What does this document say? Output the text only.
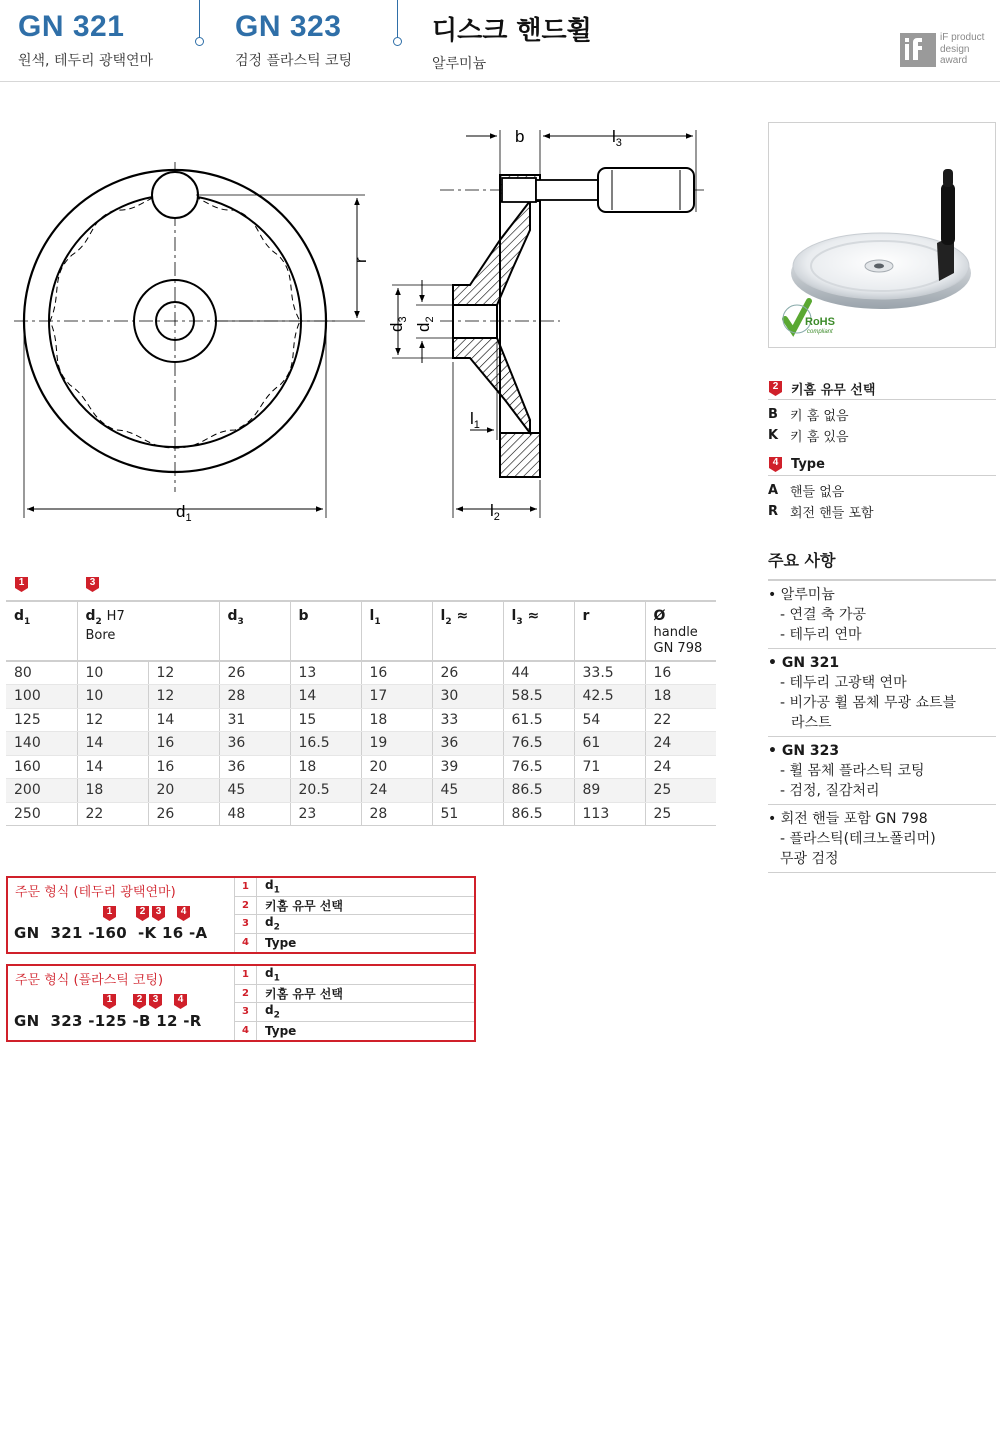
GN 321
원색, 테두리 광택연마
GN 323
검정 플라스틱 코팅
디스크 핸드휠
알루미늄
iF product
design
award
$d_1$
r
b	$l_3$
$d_3$
$d_2$
$l_1$
$l_2$
RoHS
compliant
2 키홈 유무 선택
B 키 홈 없음
K 키 홈 있음
4 Type
A 핸들 없음
R 회전 핸들 포함
주요 사항
• 알루미늄
- 연결 축 가공
- 테두리 연마
• GN 321
- 테두리 고광택 연마
- 비가공 휠 몸체 무광 쇼트블
라스트
• GN 323
- 휠 몸체 플라스틱 코팅
- 검정, 질감처리
• 회전 핸들 포함 GN 798
- 플라스틱(테크노폴리머)
무광 검정
1	3
$d_1$	$d_2$ H7
Bore		$d_3$	b	$l_1$	$l_2$ ≈	$l_3$ ≈	r	Ø
handle
GN 798
80	10	12	26	13	16	26	44	33.5	16
100	10	12	28	14	17	30	58.5	42.5	18
125	12	14	31	15	18	33	61.5	54	22
140	14	16	36	16.5	19	36	76.5	61	24
160	14	16	36	18	20	39	76.5	71	24
200	18	20	45	20.5	24	45	86.5	89	25
250	22	26	48	23	28	51	86.5	113	25
주문 형식 (테두리 광택연마)
1	2	3	4
GN  321 -160  -K 16 -A
1	$d_1$
2	키홈 유무 선택
3	$d_2$
4	Type
주문 형식 (플라스틱 코팅)
1	2	3	4
GN  323 -125 -B 12 -R
1	$d_1$
2	키홈 유무 선택
3	$d_2$
4	Type
